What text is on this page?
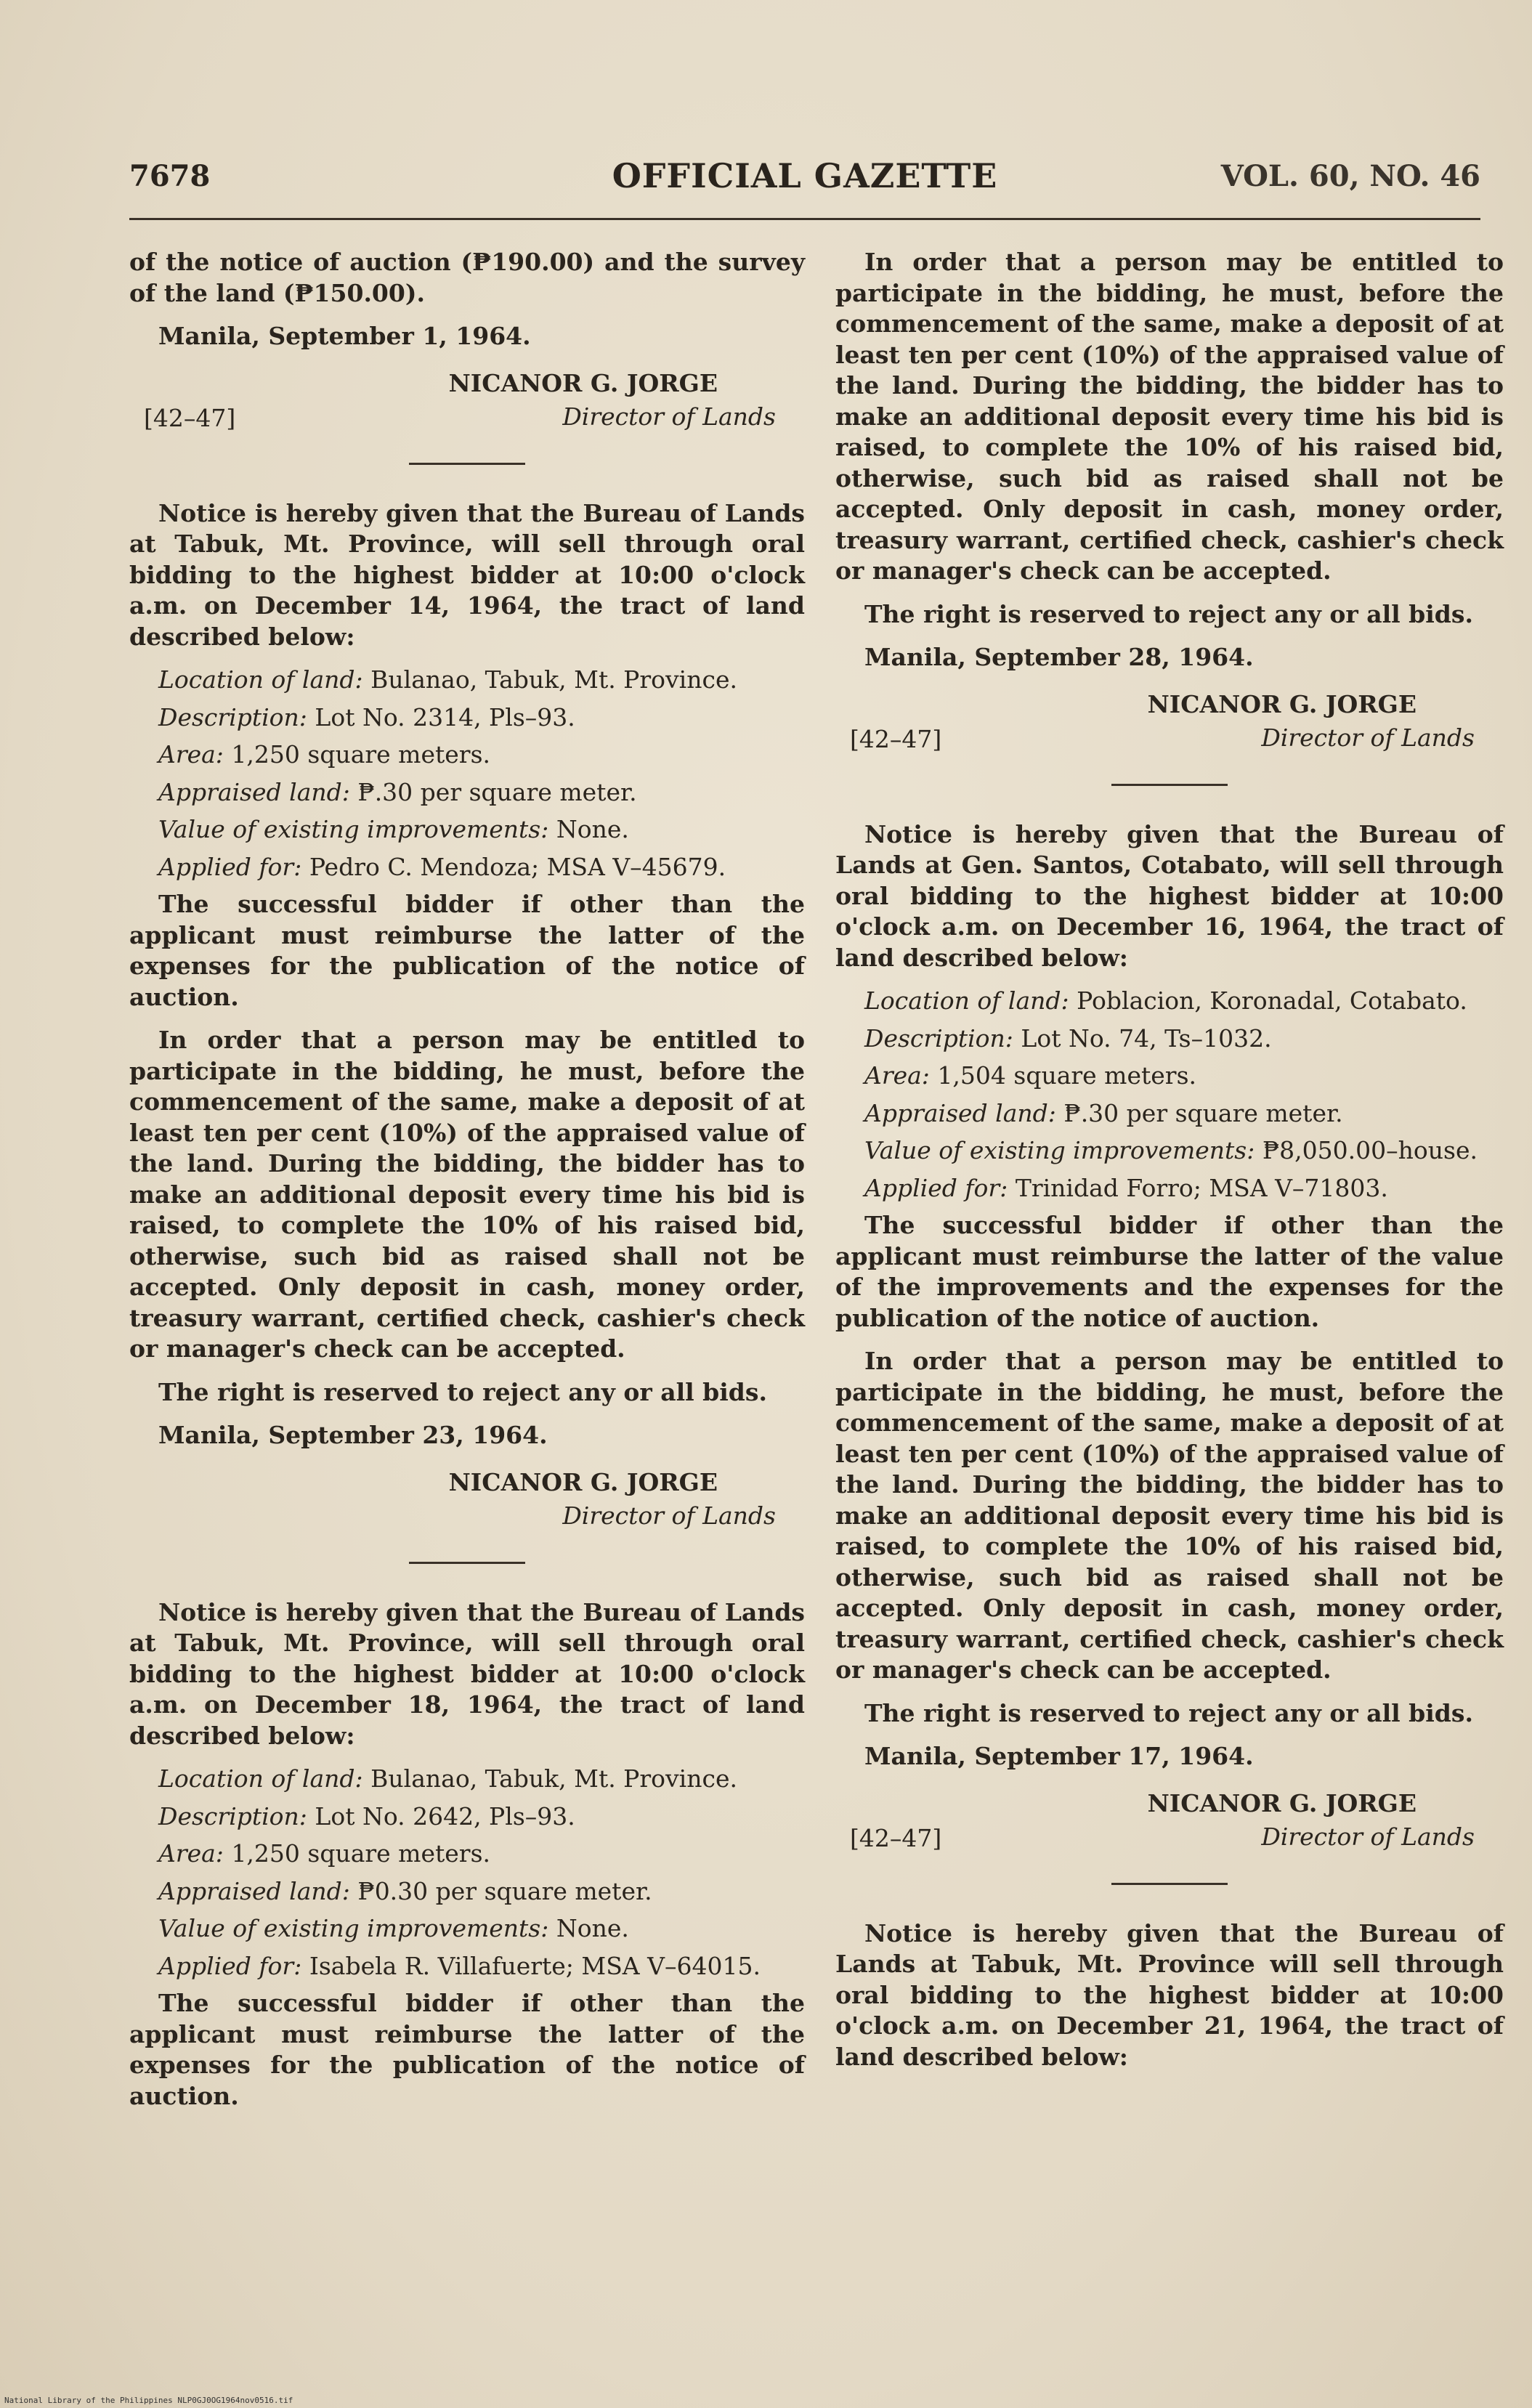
7678	OFFICIAL GAZETTE	VOL. 60, NO. 46

of the notice of auction (₱190.00) and the survey of the land (₱150.00).

Manila, September 1, 1964.

[42–47]
NICANOR G. JORGE
Director of Lands

Notice is hereby given that the Bureau of Lands at Tabuk, Mt. Province, will sell through oral bidding to the highest bidder at 10:00 o'clock a.m. on December 14, 1964, the tract of land described below:

Location of land: Bulanao, Tabuk, Mt. Province.
Description: Lot No. 2314, Pls–93.
Area: 1,250 square meters.
Appraised land: ₱.30 per square meter.
Value of existing improvements: None.
Applied for: Pedro C. Mendoza; MSA V–45679.

The successful bidder if other than the applicant must reimburse the latter of the expenses for the publication of the notice of auction.

In order that a person may be entitled to participate in the bidding, he must, before the commencement of the same, make a deposit of at least ten per cent (10%) of the appraised value of the land. During the bidding, the bidder has to make an additional deposit every time his bid is raised, to complete the 10% of his raised bid, otherwise, such bid as raised shall not be accepted. Only deposit in cash, money order, treasury warrant, certified check, cashier's check or manager's check can be accepted.

The right is reserved to reject any or all bids.

Manila, September 23, 1964.

NICANOR G. JORGE
Director of Lands

Notice is hereby given that the Bureau of Lands at Tabuk, Mt. Province, will sell through oral bidding to the highest bidder at 10:00 o'clock a.m. on December 18, 1964, the tract of land described below:

Location of land: Bulanao, Tabuk, Mt. Province.
Description: Lot No. 2642, Pls–93.
Area: 1,250 square meters.
Appraised land: ₱0.30 per square meter.
Value of existing improvements: None.
Applied for: Isabela R. Villafuerte; MSA V–64015.

The successful bidder if other than the applicant must reimburse the latter of the expenses for the publication of the notice of auction.

In order that a person may be entitled to participate in the bidding, he must, before the commencement of the same, make a deposit of at least ten per cent (10%) of the appraised value of the land. During the bidding, the bidder has to make an additional deposit every time his bid is raised, to complete the 10% of his raised bid, otherwise, such bid as raised shall not be accepted. Only deposit in cash, money order, treasury warrant, certified check, cashier's check or manager's check can be accepted.

The right is reserved to reject any or all bids.

Manila, September 28, 1964.

[42–47]
NICANOR G. JORGE
Director of Lands

Notice is hereby given that the Bureau of Lands at Gen. Santos, Cotabato, will sell through oral bidding to the highest bidder at 10:00 o'clock a.m. on December 16, 1964, the tract of land described below:

Location of land: Poblacion, Koronadal, Cotabato.
Description: Lot No. 74, Ts–1032.
Area: 1,504 square meters.
Appraised land: ₱.30 per square meter.
Value of existing improvements: ₱8,050.00–house.
Applied for: Trinidad Forro; MSA V–71803.

The successful bidder if other than the applicant must reimburse the latter of the value of the improvements and the expenses for the publication of the notice of auction.

In order that a person may be entitled to participate in the bidding, he must, before the commencement of the same, make a deposit of at least ten per cent (10%) of the appraised value of the land. During the bidding, the bidder has to make an additional deposit every time his bid is raised, to complete the 10% of his raised bid, otherwise, such bid as raised shall not be accepted. Only deposit in cash, money order, treasury warrant, certified check, cashier's check or manager's check can be accepted.

The right is reserved to reject any or all bids.

Manila, September 17, 1964.

[42–47]
NICANOR G. JORGE
Director of Lands

Notice is hereby given that the Bureau of Lands at Tabuk, Mt. Province will sell through oral bidding to the highest bidder at 10:00 o'clock a.m. on December 21, 1964, the tract of land described below:

National Library of the Philippines NLP0GJ0OG1964nov0516.tif
